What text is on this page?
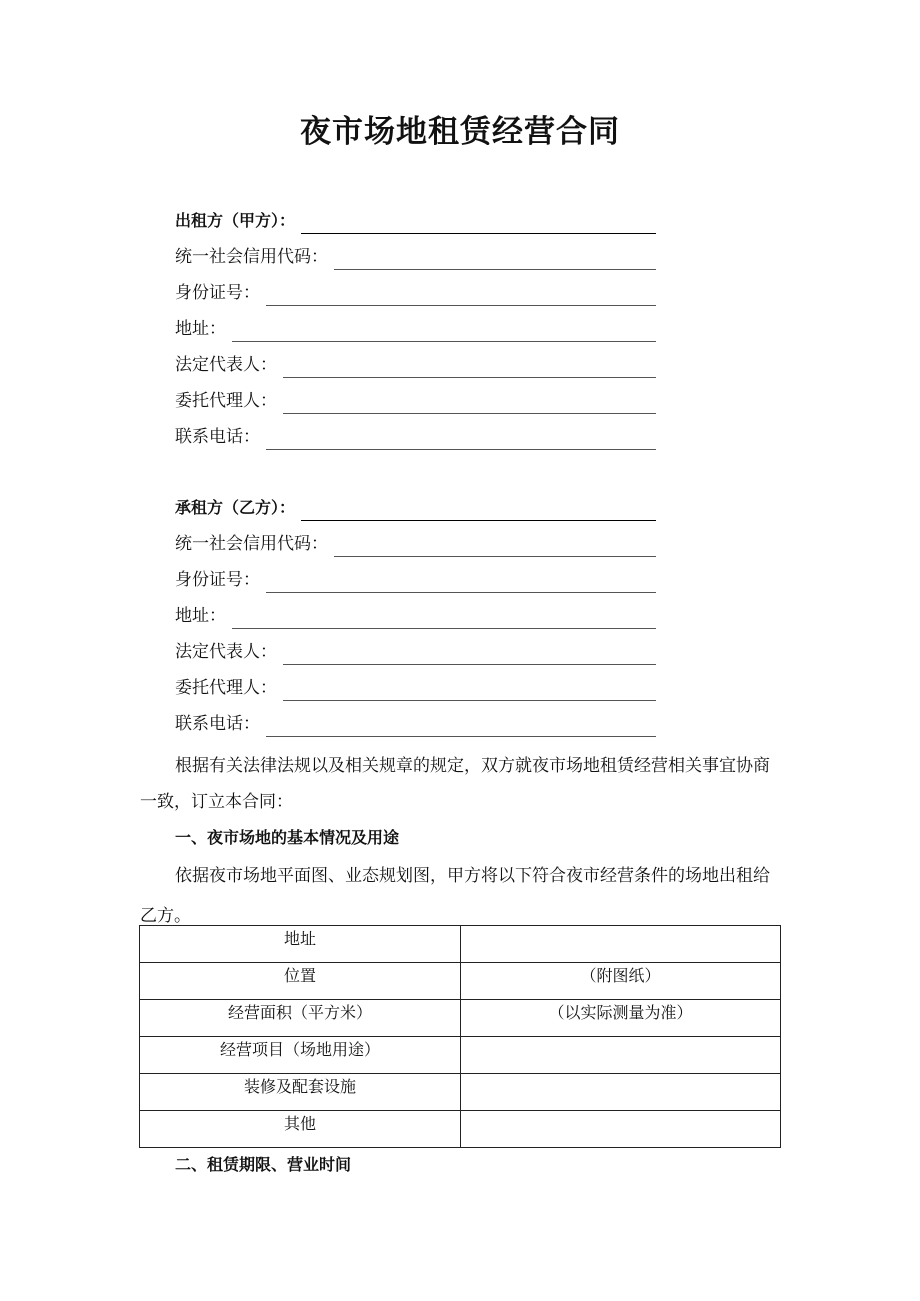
夜市场地租赁经营合同
出租方（甲方）：
统一社会信用代码：
身份证号：
地址：
法定代表人：
委托代理人：
联系电话：
承租方（乙方）：
统一社会信用代码：
身份证号：
地址：
法定代表人：
委托代理人：
联系电话：

根据有关法律法规以及相关规章的规定，双方就夜市场地租赁经营相关事宜协商一致，订立本合同：

一、夜市场地的基本情况及用途

依据夜市场地平面图、业态规划图，甲方将以下符合夜市经营条件的场地出租给乙方。

地址	
位置	（附图纸）
经营面积（平方米）	（以实际测量为准）
经营项目（场地用途）	
装修及配套设施	
其他	
二、租赁期限、营业时间
